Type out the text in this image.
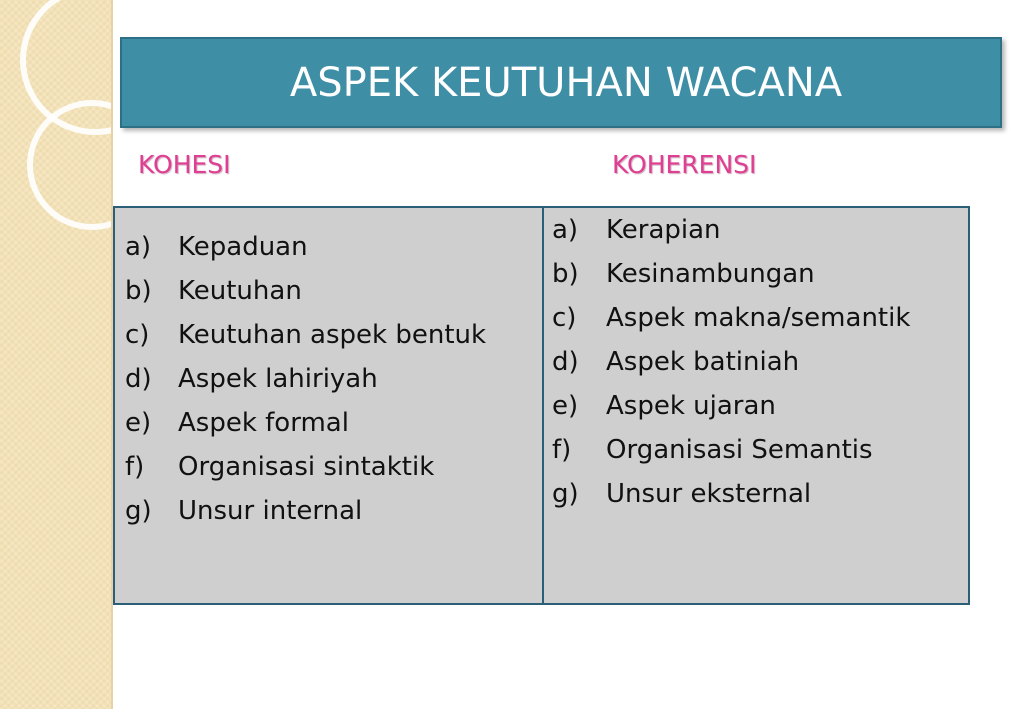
ASPEK KEUTUHAN WACANA
KOHESI	KOHERENSI
a) Kepaduan
b) Keutuhan
c) Keutuhan aspek bentuk
d) Aspek lahiriyah
e) Aspek formal
f) Organisasi sintaktik
g) Unsur internal
a) Kerapian
b) Kesinambungan
c) Aspek makna/semantik
d) Aspek batiniah
e) Aspek ujaran
f) Organisasi Semantis
g) Unsur eksternal
